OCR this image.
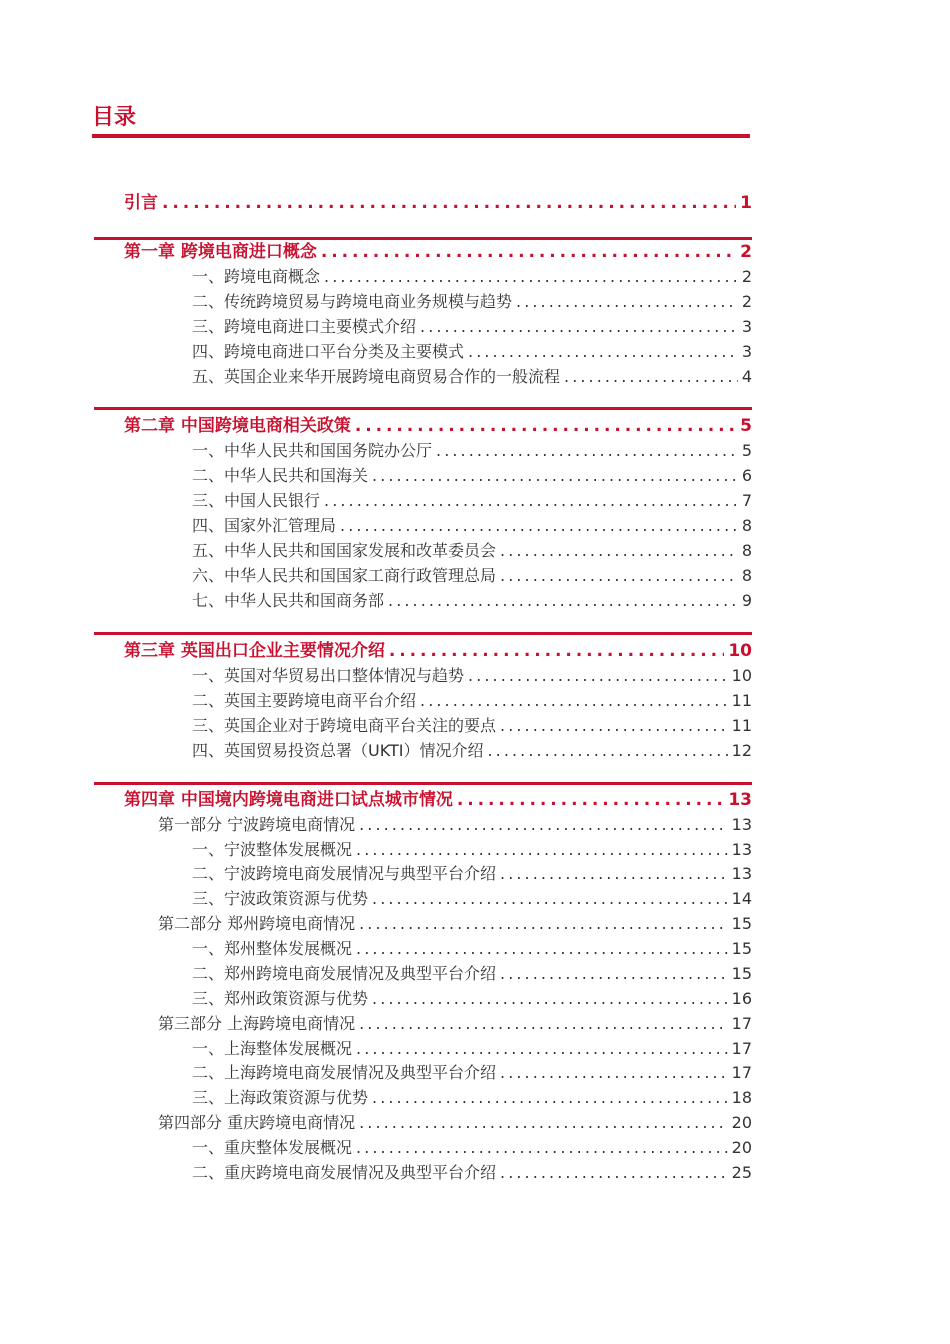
目录
引言 . . .	1
第一章 跨境电商进口概念 . . .	2
一、跨境电商概念 . . .	2
二、传统跨境贸易与跨境电商业务规模与趋势 . . .	2
三、跨境电商进口主要模式介绍 . . .	3
四、跨境电商进口平台分类及主要模式 . . .	3
五、英国企业来华开展跨境电商贸易合作的一般流程 . . .	4
第二章 中国跨境电商相关政策 . . .	5
一、中华人民共和国国务院办公厅 . . .	5
二、中华人民共和国海关 . . .	6
三、中国人民银行 . . .	7
四、国家外汇管理局 . . .	8
五、中华人民共和国国家发展和改革委员会 . . .	8
六、中华人民共和国国家工商行政管理总局 . . .	8
七、中华人民共和国商务部 . . .	9
第三章 英国出口企业主要情况介绍 . . .	10
一、英国对华贸易出口整体情况与趋势 . . .	10
二、英国主要跨境电商平台介绍 . . .	11
三、英国企业对于跨境电商平台关注的要点 . . .	11
四、英国贸易投资总署（UKTI）情况介绍 . . .	12
第四章 中国境内跨境电商进口试点城市情况 . . .	13
第一部分 宁波跨境电商情况 . . .	13
一、宁波整体发展概况 . . .	13
二、宁波跨境电商发展情况与典型平台介绍 . . .	13
三、宁波政策资源与优势 . . .	14
第二部分 郑州跨境电商情况 . . .	15
一、郑州整体发展概况 . . .	15
二、郑州跨境电商发展情况及典型平台介绍 . . .	15
三、郑州政策资源与优势 . . .	16
第三部分 上海跨境电商情况 . . .	17
一、上海整体发展概况 . . .	17
二、上海跨境电商发展情况及典型平台介绍 . . .	17
三、上海政策资源与优势 . . .	18
第四部分 重庆跨境电商情况 . . .	20
一、重庆整体发展概况 . . .	20
二、重庆跨境电商发展情况及典型平台介绍 . . .	25
